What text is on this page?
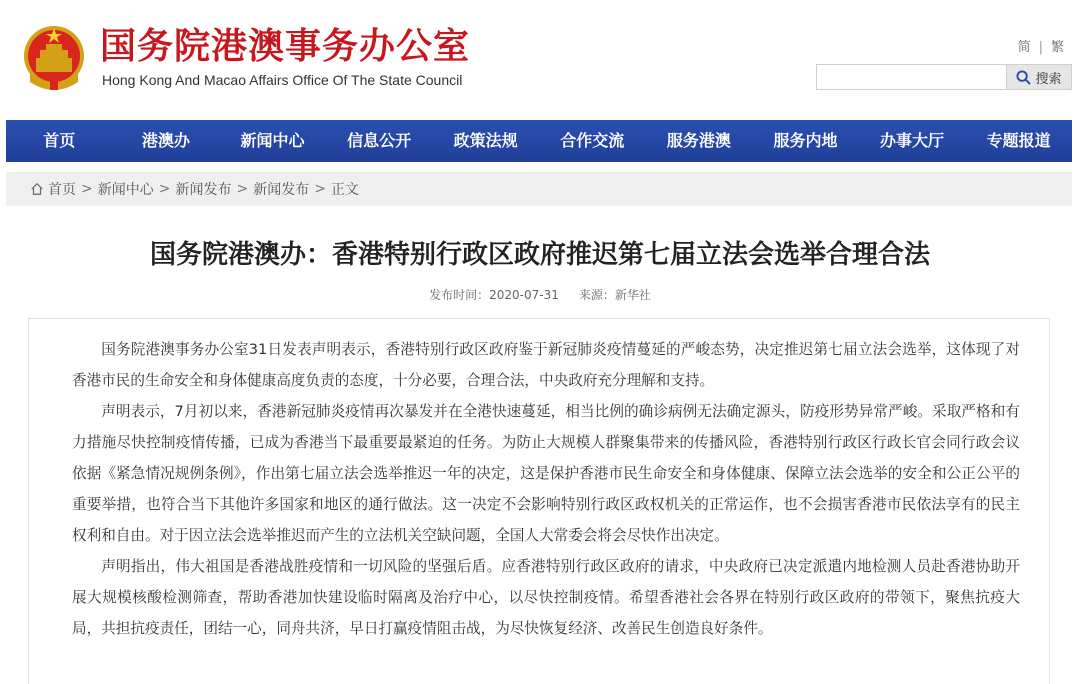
国务院港澳事务办公室
Hong Kong And Macao Affairs Office Of The State Council
简 | 繁
搜索
首页	港澳办	新闻中心	信息公开	政策法规	合作交流	服务港澳	服务内地	办事大厅	专题报道
首页 > 新闻中心 > 新闻发布 > 新闻发布 > 正文
国务院港澳办：香港特别行政区政府推迟第七届立法会选举合理合法
发布时间：2020-07-31 来源：新华社

国务院港澳事务办公室31日发表声明表示，香港特别行政区政府鉴于新冠肺炎疫情蔓延的严峻态势，决定推迟第七届立法会选举，这体现了对香港市民的生命安全和身体健康高度负责的态度，十分必要，合理合法，中央政府充分理解和支持。

声明表示，7月初以来，香港新冠肺炎疫情再次暴发并在全港快速蔓延，相当比例的确诊病例无法确定源头，防疫形势异常严峻。采取严格和有力措施尽快控制疫情传播，已成为香港当下最重要最紧迫的任务。为防止大规模人群聚集带来的传播风险，香港特别行政区行政长官会同行政会议依据《紧急情况规例条例》，作出第七届立法会选举推迟一年的决定，这是保护香港市民生命安全和身体健康、保障立法会选举的安全和公正公平的重要举措，也符合当下其他许多国家和地区的通行做法。这一决定不会影响特别行政区政权机关的正常运作，也不会损害香港市民依法享有的民主权利和自由。对于因立法会选举推迟而产生的立法机关空缺问题，全国人大常委会将会尽快作出决定。

声明指出，伟大祖国是香港战胜疫情和一切风险的坚强后盾。应香港特别行政区政府的请求，中央政府已决定派遣内地检测人员赴香港协助开展大规模核酸检测筛查，帮助香港加快建设临时隔离及治疗中心，以尽快控制疫情。希望香港社会各界在特别行政区政府的带领下，聚焦抗疫大局，共担抗疫责任，团结一心，同舟共济，早日打赢疫情阻击战，为尽快恢复经济、改善民生创造良好条件。
